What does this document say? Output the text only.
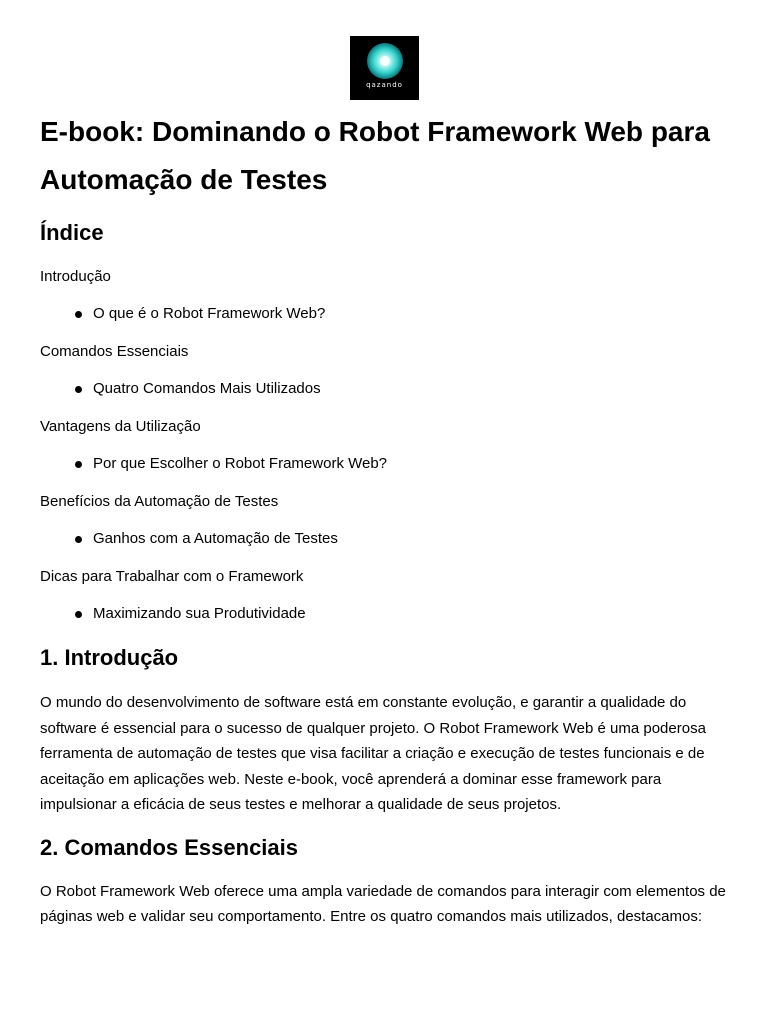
qazando
E-book: Dominando o Robot Framework Web para Automação de Testes
Índice

Introdução

O que é o Robot Framework Web?

Comandos Essenciais

Quatro Comandos Mais Utilizados

Vantagens da Utilização

Por que Escolher o Robot Framework Web?

Benefícios da Automação de Testes

Ganhos com a Automação de Testes

Dicas para Trabalhar com o Framework

Maximizando sua Produtividade
1. Introdução

O mundo do desenvolvimento de software está em constante evolução, e garantir a qualidade do software é essencial para o sucesso de qualquer projeto. O Robot Framework Web é uma poderosa ferramenta de automação de testes que visa facilitar a criação e execução de testes funcionais e de aceitação em aplicações web. Neste e-book, você aprenderá a dominar esse framework para impulsionar a eficácia de seus testes e melhorar a qualidade de seus projetos.

2. Comandos Essenciais

O Robot Framework Web oferece uma ampla variedade de comandos para interagir com elementos de páginas web e validar seu comportamento. Entre os quatro comandos mais utilizados, destacamos:
